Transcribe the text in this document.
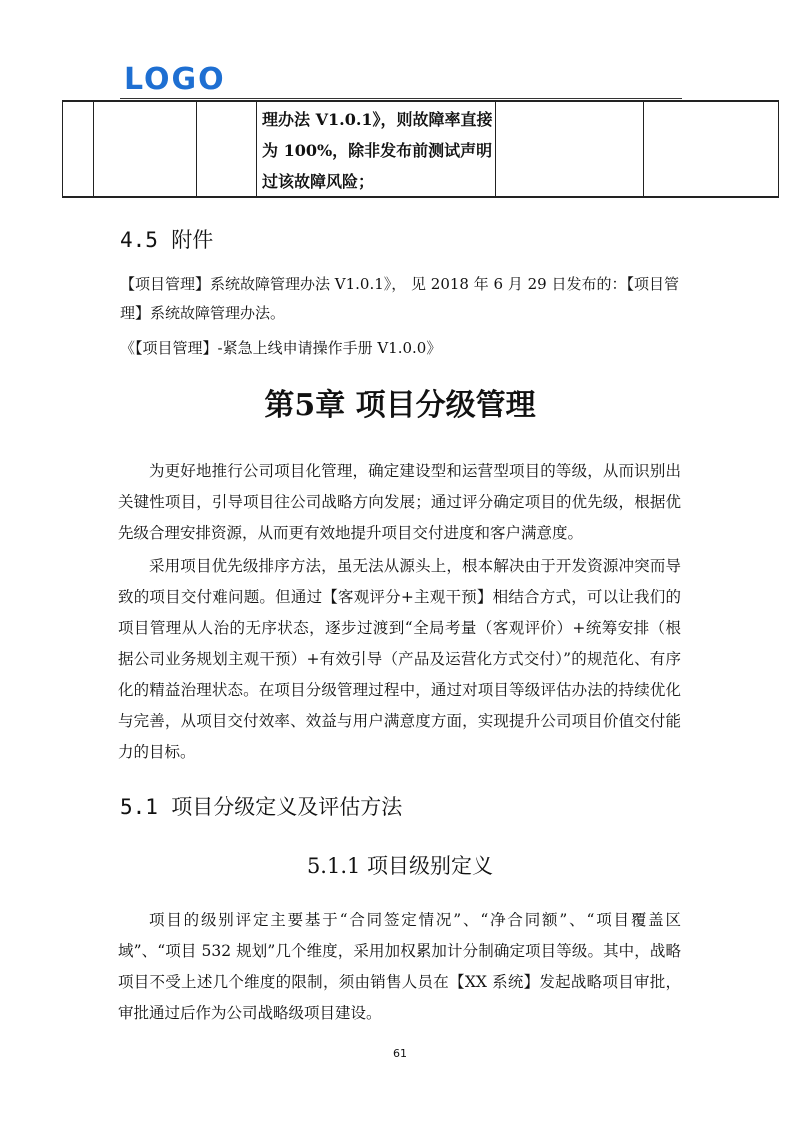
LOGO
理办法 V1.0.1》，则故障率直接为 100%，除非发布前测试声明过该故障风险；
4.5 附件
【项目管理】系统故障管理办法 V1.0.1》， 见 2018 年 6 月 29 日发布的：【项目管理】系统故障管理办法。
《【项目管理】-紧急上线申请操作手册 V1.0.0》
第5章 项目分级管理
为更好地推行公司项目化管理，确定建设型和运营型项目的等级，从而识别出关键性项目，引导项目往公司战略方向发展；通过评分确定项目的优先级，根据优先级合理安排资源，从而更有效地提升项目交付进度和客户满意度。
采用项目优先级排序方法，虽无法从源头上，根本解决由于开发资源冲突而导致的项目交付难问题。但通过【客观评分+主观干预】相结合方式，可以让我们的项目管理从人治的无序状态，逐步过渡到“全局考量（客观评价）+统筹安排（根据公司业务规划主观干预）+有效引导（产品及运营化方式交付）”的规范化、有序化的精益治理状态。在项目分级管理过程中，通过对项目等级评估办法的持续优化与完善，从项目交付效率、效益与用户满意度方面，实现提升公司项目价值交付能力的目标。
5.1 项目分级定义及评估方法
5.1.1 项目级别定义
项目的级别评定主要基于“合同签定情况”、“净合同额”、“项目覆盖区域”、“项目 532 规划”几个维度，采用加权累加计分制确定项目等级。其中，战略项目不受上述几个维度的限制，须由销售人员在【XX 系统】发起战略项目审批，审批通过后作为公司战略级项目建设。
61
